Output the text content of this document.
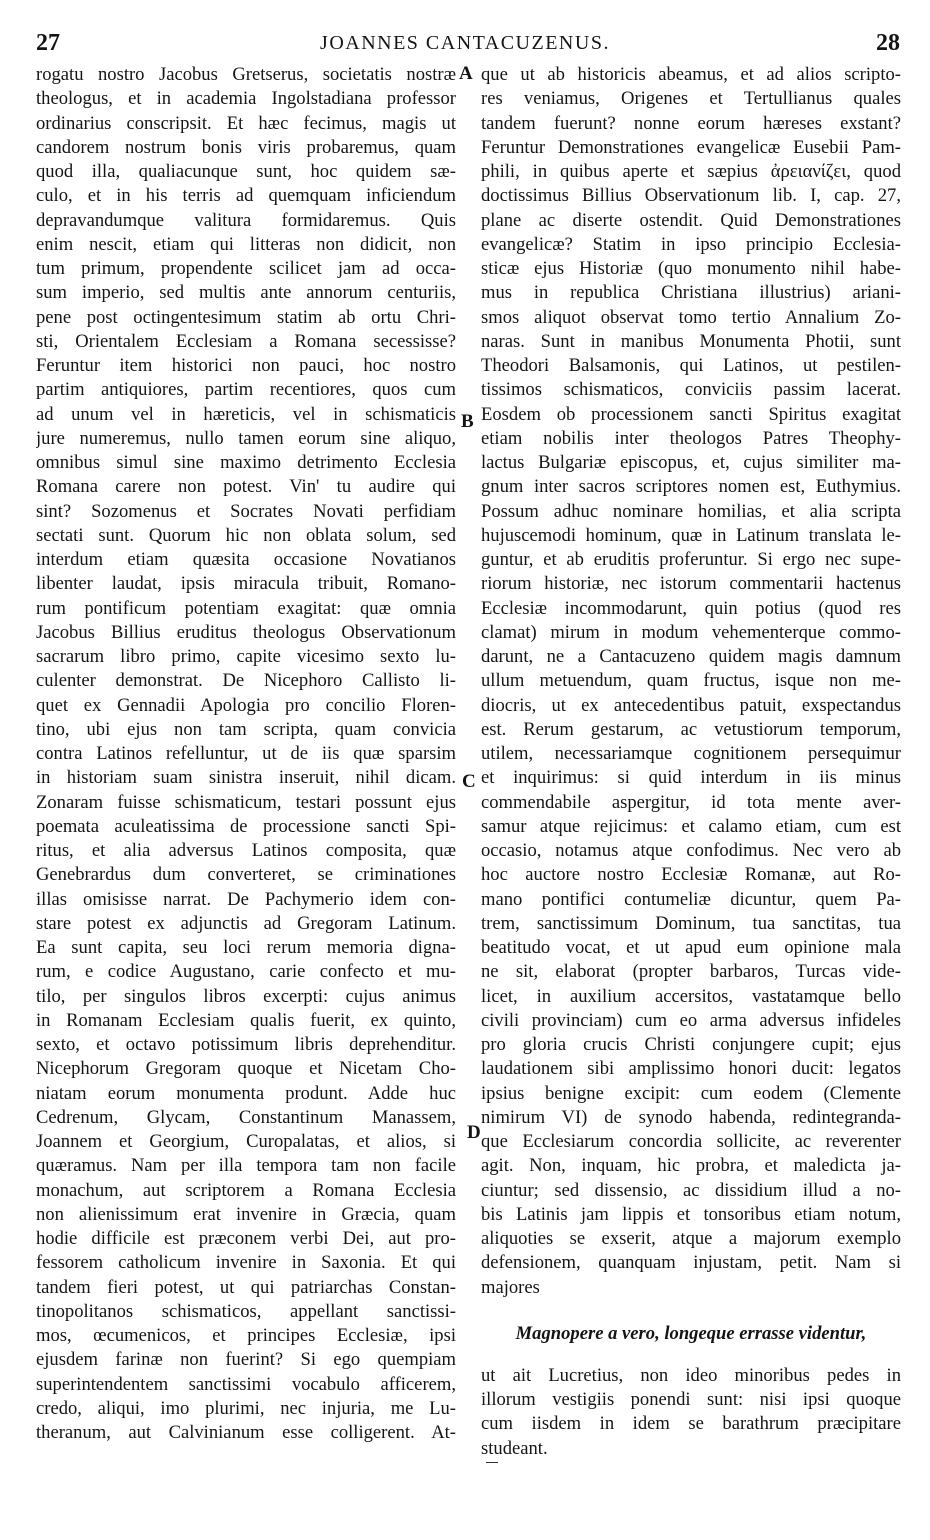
27	JOANNES CANTACUZENUS.	28
rogatu nostro Jacobus Gretserus, societatis nostræ
theologus, et in academia Ingolstadiana professor
ordinarius conscripsit. Et hæc fecimus, magis ut
candorem nostrum bonis viris probaremus, quam
quod illa, qualiacunque sunt, hoc quidem sæ-
culo, et in his terris ad quemquam inficiendum
depravandumque valitura formidaremus. Quis
enim nescit, etiam qui litteras non didicit, non
tum primum, propendente scilicet jam ad occa-
sum imperio, sed multis ante annorum centuriis,
pene post octingentesimum statim ab ortu Chri-
sti, Orientalem Ecclesiam a Romana secessisse?
Feruntur item historici non pauci, hoc nostro
partim antiquiores, partim recentiores, quos cum
ad unum vel in hæreticis, vel in schismaticis
jure numeremus, nullo tamen eorum sine aliquo,
omnibus simul sine maximo detrimento Ecclesia
Romana carere non potest. Vin' tu audire qui
sint? Sozomenus et Socrates Novati perfidiam
sectati sunt. Quorum hic non oblata solum, sed
interdum etiam quæsita occasione Novatianos
libenter laudat, ipsis miracula tribuit, Romano-
rum pontificum potentiam exagitat: quæ omnia
Jacobus Billius eruditus theologus Observationum
sacrarum libro primo, capite vicesimo sexto lu-
culenter demonstrat. De Nicephoro Callisto li-
quet ex Gennadii Apologia pro concilio Floren-
tino, ubi ejus non tam scripta, quam convicia
contra Latinos refelluntur, ut de iis quæ sparsim
in historiam suam sinistra inseruit, nihil dicam.
Zonaram fuisse schismaticum, testari possunt ejus
poemata aculeatissima de processione sancti Spi-
ritus, et alia adversus Latinos composita, quæ
Genebrardus dum converteret, se criminationes
illas omisisse narrat. De Pachymerio idem con-
stare potest ex adjunctis ad Gregoram Latinum.
Ea sunt capita, seu loci rerum memoria digna-
rum, e codice Augustano, carie confecto et mu-
tilo, per singulos libros excerpti: cujus animus
in Romanam Ecclesiam qualis fuerit, ex quinto,
sexto, et octavo potissimum libris deprehenditur.
Nicephorum Gregoram quoque et Nicetam Cho-
niatam eorum monumenta produnt. Adde huc
Cedrenum, Glycam, Constantinum Manassem,
Joannem et Georgium, Curopalatas, et alios, si
quæramus. Nam per illa tempora tam non facile
monachum, aut scriptorem a Romana Ecclesia
non alienissimum erat invenire in Græcia, quam
hodie difficile est præconem verbi Dei, aut pro-
fessorem catholicum invenire in Saxonia. Et qui
tandem fieri potest, ut qui patriarchas Constan-
tinopolitanos schismaticos, appellant sanctissi-
mos, œcumenicos, et principes Ecclesiæ, ipsi
ejusdem farinæ non fuerint? Si ego quempiam
superintendentem sanctissimi vocabulo afficerem,
credo, aliqui, imo plurimi, nec injuria, me Lu-
theranum, aut Calvinianum esse colligerent. At-
que ut ab historicis abeamus, et ad alios scripto-
res veniamus, Origenes et Tertullianus quales
tandem fuerunt? nonne eorum hæreses exstant?
Feruntur Demonstrationes evangelicæ Eusebii Pam-
phili, in quibus aperte et sæpius ἀρειανίζει, quod
doctissimus Billius Observationum lib. I, cap. 27,
plane ac diserte ostendit. Quid Demonstrationes
evangelicæ? Statim in ipso principio Ecclesia-
sticæ ejus Historiæ (quo monumento nihil habe-
mus in republica Christiana illustrius) ariani-
smos aliquot observat tomo tertio Annalium Zo-
naras. Sunt in manibus Monumenta Photii, sunt
Theodori Balsamonis, qui Latinos, ut pestilen-
tissimos schismaticos, conviciis passim lacerat.
Eosdem ob processionem sancti Spiritus exagitat
etiam nobilis inter theologos Patres Theophy-
lactus Bulgariæ episcopus, et, cujus similiter ma-
gnum inter sacros scriptores nomen est, Euthymius.
Possum adhuc nominare homilias, et alia scripta
hujuscemodi hominum, quæ in Latinum translata le-
guntur, et ab eruditis proferuntur. Si ergo nec supe-
riorum historiæ, nec istorum commentarii hactenus
Ecclesiæ incommodarunt, quin potius (quod res
clamat) mirum in modum vehementerque commo-
darunt, ne a Cantacuzeno quidem magis damnum
ullum metuendum, quam fructus, isque non me-
diocris, ut ex antecedentibus patuit, exspectandus
est. Rerum gestarum, ac vetustiorum temporum,
utilem, necessariamque cognitionem persequimur
et inquirimus: si quid interdum in iis minus
commendabile aspergitur, id tota mente aver-
samur atque rejicimus: et calamo etiam, cum est
occasio, notamus atque confodimus. Nec vero ab
hoc auctore nostro Ecclesiæ Romanæ, aut Ro-
mano pontifici contumeliæ dicuntur, quem Pa-
trem, sanctissimum Dominum, tua sanctitas, tua
beatitudo vocat, et ut apud eum opinione mala
ne sit, elaborat (propter barbaros, Turcas vide-
licet, in auxilium accersitos, vastatamque bello
civili provinciam) cum eo arma adversus infideles
pro gloria crucis Christi conjungere cupit; ejus
laudationem sibi amplissimo honori ducit: legatos
ipsius benigne excipit: cum eodem (Clemente
nimirum VI) de synodo habenda, redintegranda-
que Ecclesiarum concordia sollicite, ac reverenter
agit. Non, inquam, hic probra, et maledicta ja-
ciuntur; sed dissensio, ac dissidium illud a no-
bis Latinis jam lippis et tonsoribus etiam notum,
aliquoties se exserit, atque a majorum exemplo
defensionem, quanquam injustam, petit. Nam si
majores
Magnopere a vero, longeque errasse videntur,
ut ait Lucretius, non ideo minoribus pedes in
illorum vestigiis ponendi sunt: nisi ipsi quoque
cum iisdem in idem se barathrum præcipitare
studeant.
A
B
C
D
